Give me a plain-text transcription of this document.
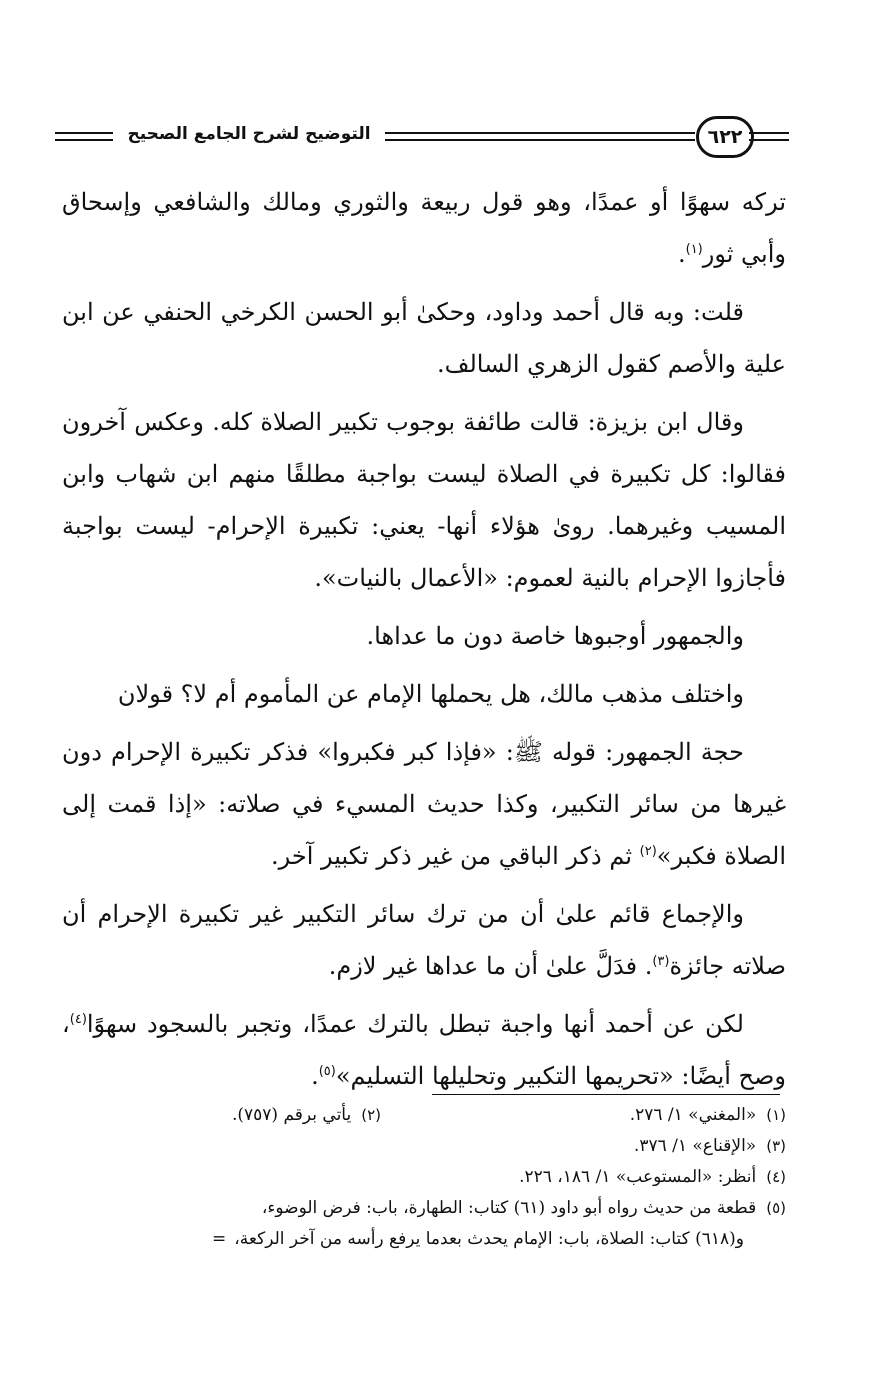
التوضيح لشرح الجامع الصحيح	٦٢٢

تركه سهوًا أو عمدًا، وهو قول ربيعة والثوري ومالك والشافعي وإسحاق وأبي ثور$^{(١)}$.

قلت: وبه قال أحمد وداود، وحكىٰ أبو الحسن الكرخي الحنفي عن ابن علية والأصم كقول الزهري السالف.

وقال ابن بزيزة: قالت طائفة بوجوب تكبير الصلاة كله. وعكس آخرون فقالوا: كل تكبيرة في الصلاة ليست بواجبة مطلقًا منهم ابن شهاب وابن المسيب وغيرهما. روىٰ هؤلاء أنها- يعني: تكبيرة الإحرام- ليست بواجبة فأجازوا الإحرام بالنية لعموم: «الأعمال بالنيات».

والجمهور أوجبوها خاصة دون ما عداها.

واختلف مذهب مالك، هل يحملها الإمام عن المأموم أم لا؟ قولان

حجة الجمهور: قوله ﷺ: «فإذا كبر فكبروا» فذكر تكبيرة الإحرام دون غيرها من سائر التكبير، وكذا حديث المسيء في صلاته: «إذا قمت إلى الصلاة فكبر»$^{(٢)}$ ثم ذكر الباقي من غير ذكر تكبير آخر.

والإجماع قائم علىٰ أن من ترك سائر التكبير غير تكبيرة الإحرام أن صلاته جائزة$^{(٣)}$. فدَلَّ علىٰ أن ما عداها غير لازم.

لكن عن أحمد أنها واجبة تبطل بالترك عمدًا، وتجبر بالسجود سهوًا$^{(٤)}$، وصح أيضًا: «تحريمها التكبير وتحليلها التسليم»$^{(٥)}$.

(١)«المغني» ١/ ٢٧٦.
(٢)يأتي برقم (٧٥٧).
(٣)«الإقناع» ١/ ٣٧٦.
(٤)أنظر: «المستوعب» ١/ ١٨٦، ٢٢٦.
(٥)قطعة من حديث رواه أبو داود (٦١) كتاب: الطهارة، باب: فرض الوضوء،
و(٦١٨) كتاب: الصلاة، باب: الإمام يحدث بعدما يرفع رأسه من آخر الركعة،=
